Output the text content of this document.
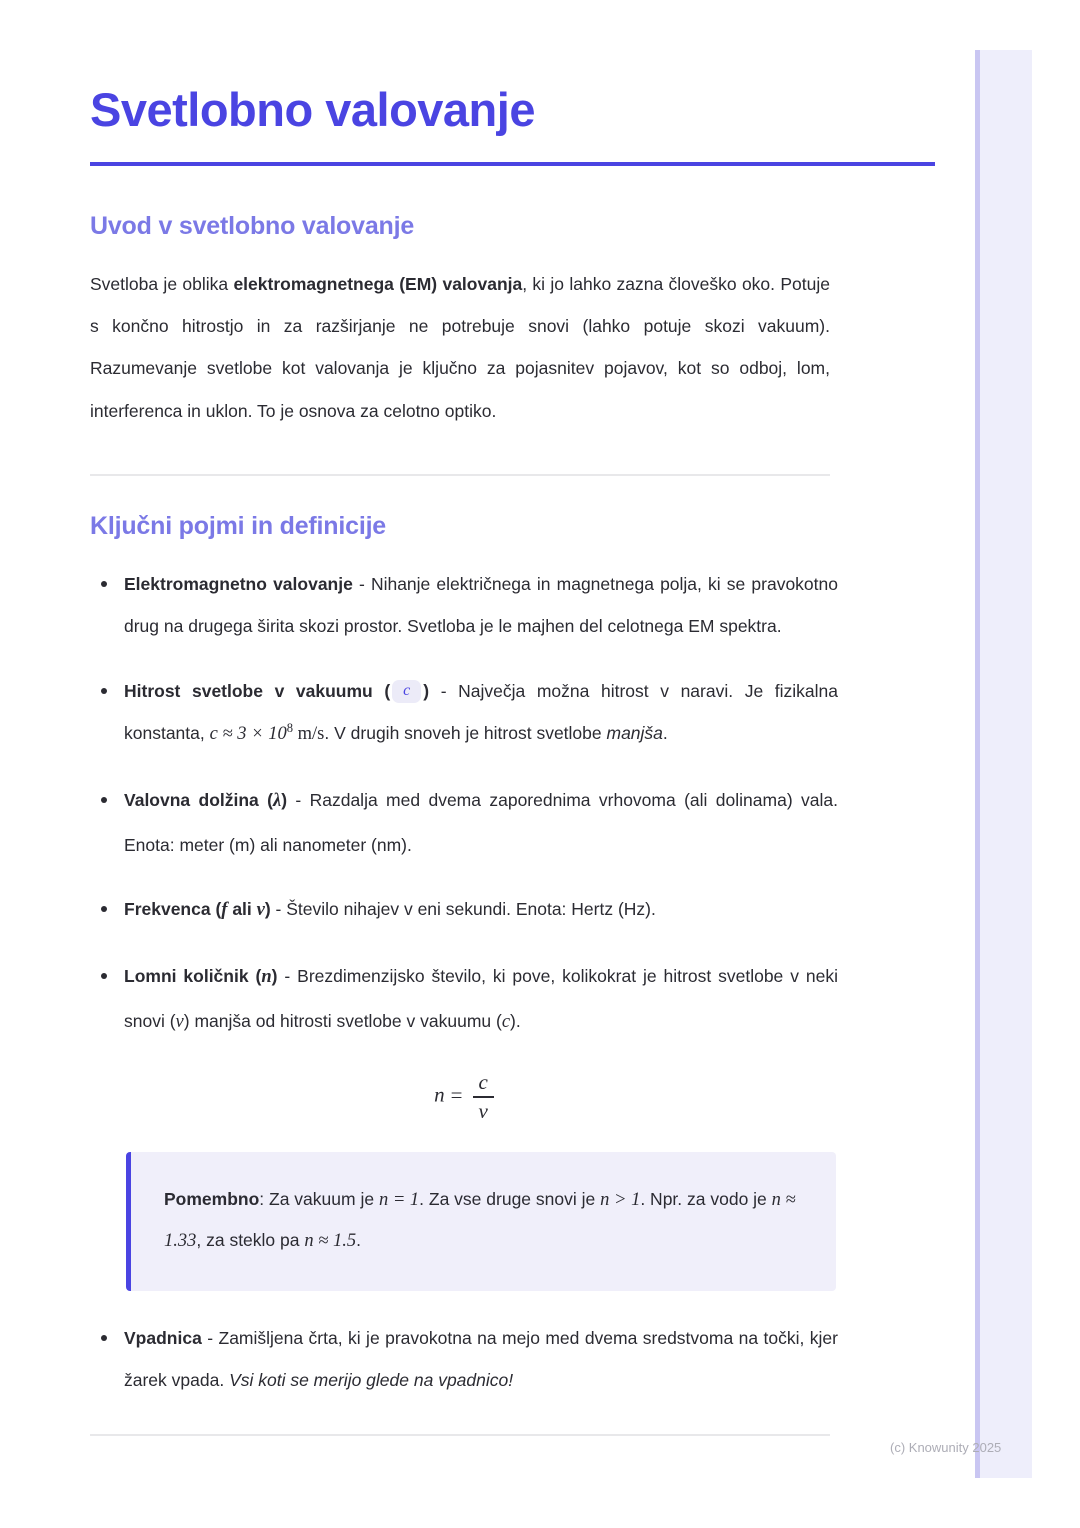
Svetlobno valovanje
Uvod v svetlobno valovanje

Svetloba je oblika elektromagnetnega (EM) valovanja, ki jo lahko zazna človeško oko. Potuje s končno hitrostjo in za razširjanje ne potrebuje snovi (lahko potuje skozi vakuum). Razumevanje svetlobe kot valovanja je ključno za pojasnitev pojavov, kot so odboj, lom, interferenca in uklon. To je osnova za celotno optiko.

Ključni pojmi in definicije
Elektromagnetno valovanje - Nihanje električnega in magnetnega polja, ki se pravokotno drug na drugega širita skozi prostor. Svetloba je le majhen del celotnega EM spektra.
Hitrost svetlobe v vakuumu ( c ) - Največja možna hitrost v naravi. Je fizikalna konstanta, $c \approx 3 \times 10^8$ m/s. V drugih snoveh je hitrost svetlobe manjša.
Valovna dolžina (λ) - Razdalja med dvema zaporednima vrhovoma (ali dolinama) vala. Enota: meter (m) ali nanometer (nm).
Frekvenca (f ali ν) - Število nihajev v eni sekundi. Enota: Hertz (Hz).
Lomni količnik (n) - Brezdimenzijsko število, ki pove, kolikokrat je hitrost svetlobe v neki snovi (v) manjša od hitrosti svetlobe v vakuumu (c).
$n = \frac{c}{v}$

Pomembno: Za vakuum je n = 1. Za vse druge snovi je n > 1. Npr. za vodo je n ≈ 1.33, za steklo pa n ≈ 1.5.

Vpadnica - Zamišljena črta, ki je pravokotna na mejo med dvema sredstvoma na točki, kjer žarek vpada. Vsi koti se merijo glede na vpadnico!
(c) Knowunity 2025
